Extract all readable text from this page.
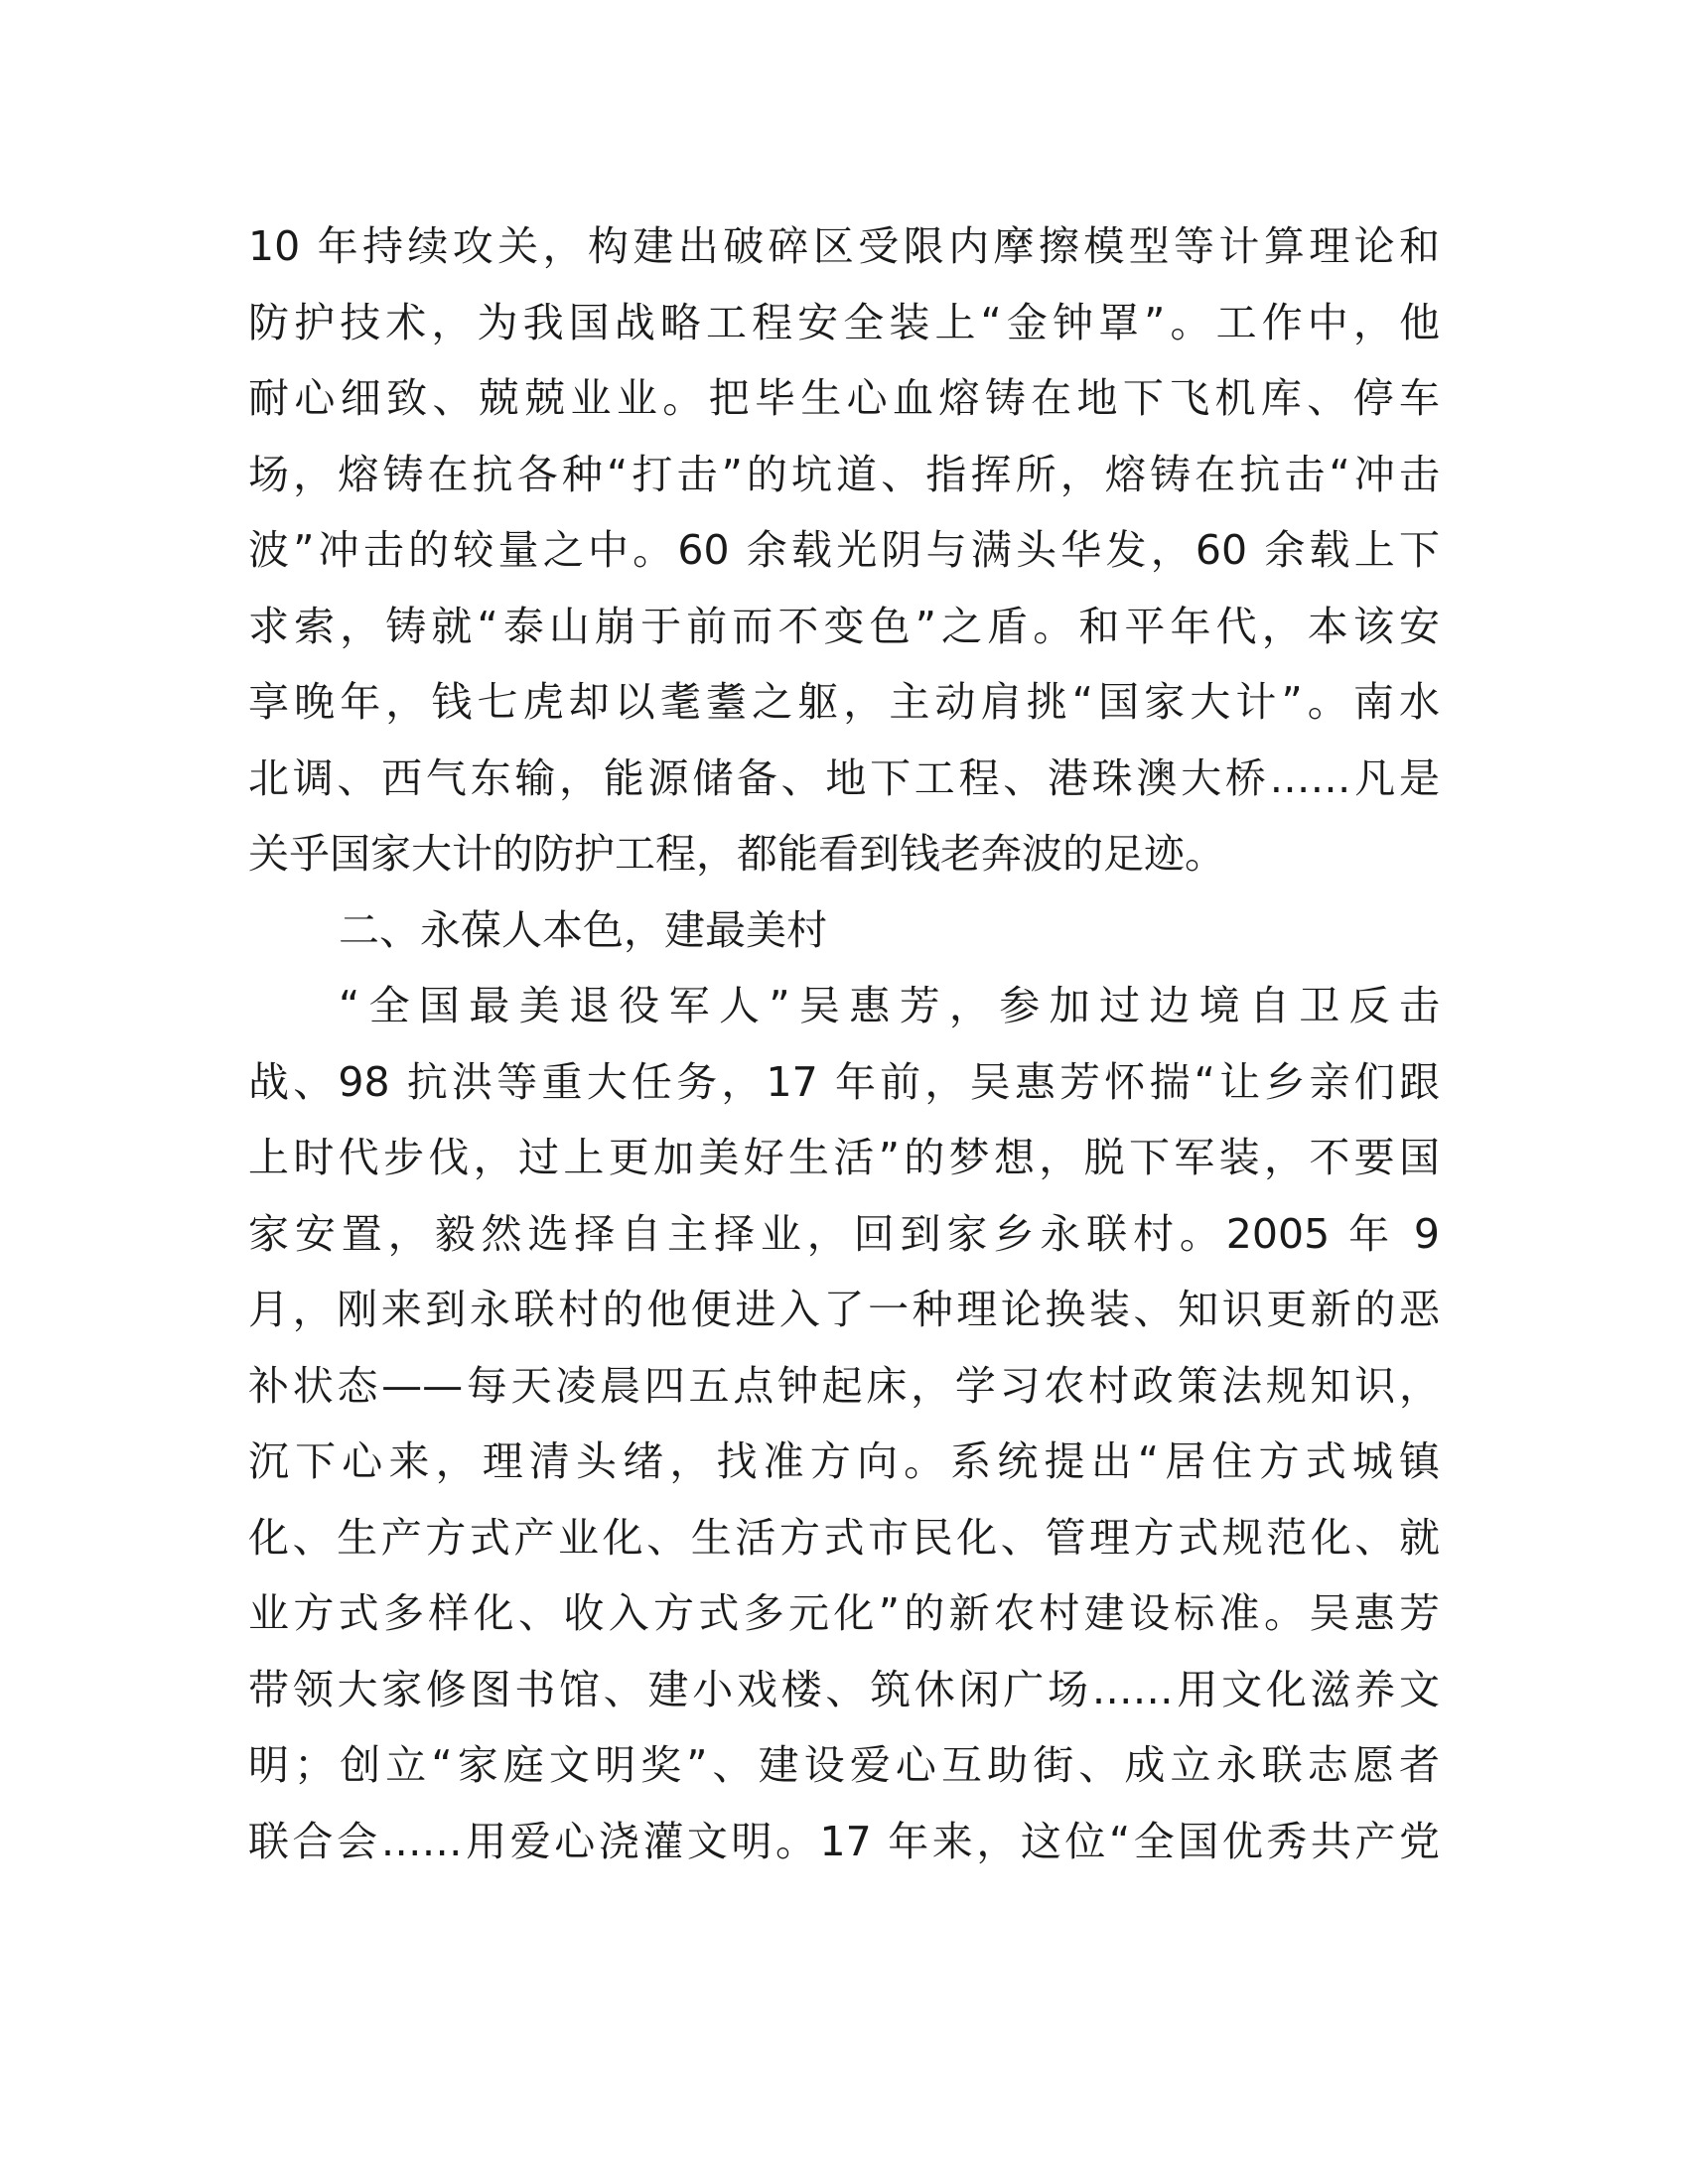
10 年持续攻关，构建出破碎区受限内摩擦模型等计算理论和
防护技术，为我国战略工程安全装上“金钟罩”。工作中，他
耐心细致、兢兢业业。把毕生心血熔铸在地下飞机库、停车
场，熔铸在抗各种“打击”的坑道、指挥所，熔铸在抗击“冲击
波”冲击的较量之中。60 余载光阴与满头华发，60 余载上下
求索，铸就“泰山崩于前而不变色”之盾。和平年代，本该安
享晚年，钱七虎却以耄耋之躯，主动肩挑“国家大计”。南水
北调、西气东输，能源储备、地下工程、港珠澳大桥……凡是
关乎国家大计的防护工程，都能看到钱老奔波的足迹。
二、永葆人本色，建最美村
“全国最美退役军人”吴惠芳，参加过边境自卫反击
战、98 抗洪等重大任务，17 年前，吴惠芳怀揣“让乡亲们跟
上时代步伐，过上更加美好生活”的梦想，脱下军装，不要国
家安置，毅然选择自主择业，回到家乡永联村。2005 年 9
月，刚来到永联村的他便进入了一种理论换装、知识更新的恶
补状态——每天凌晨四五点钟起床，学习农村政策法规知识，
沉下心来，理清头绪，找准方向。系统提出“居住方式城镇
化、生产方式产业化、生活方式市民化、管理方式规范化、就
业方式多样化、收入方式多元化”的新农村建设标准。吴惠芳
带领大家修图书馆、建小戏楼、筑休闲广场……用文化滋养文
明；创立“家庭文明奖”、建设爱心互助街、成立永联志愿者
联合会……用爱心浇灌文明。17 年来，这位“全国优秀共产党
